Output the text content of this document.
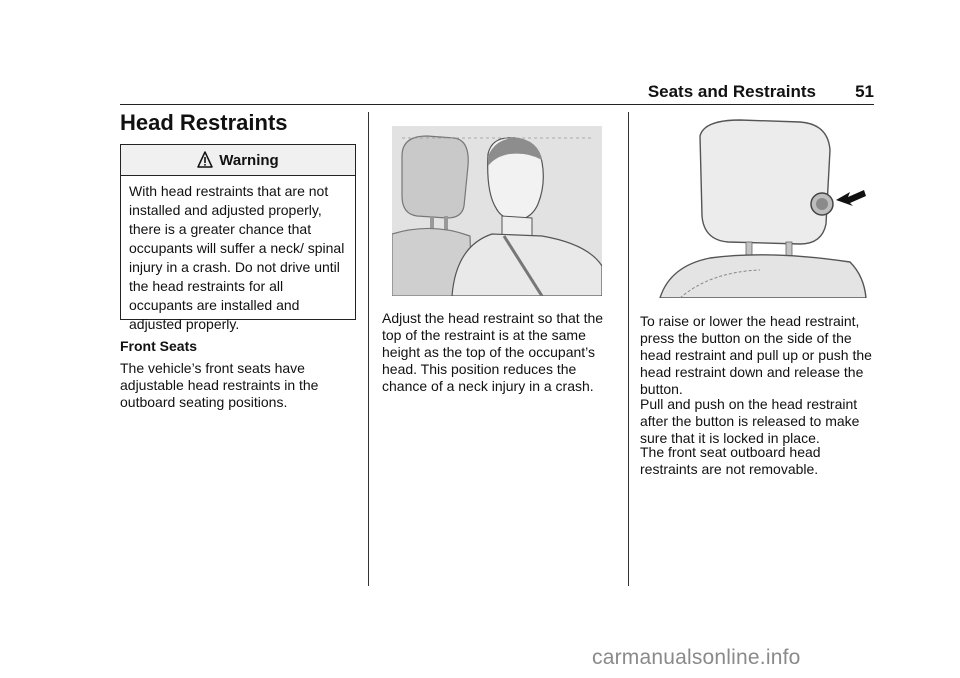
Seats and Restraints 51
Head Restraints
Warning
With head restraints that are not installed and adjusted properly, there is a greater chance that occupants will suffer a neck/ spinal injury in a crash. Do not drive until the head restraints for all occupants are installed and adjusted properly.
Front Seats

The vehicle’s front seats have adjustable head restraints in the outboard seating positions.

Adjust the head restraint so that the top of the restraint is at the same height as the top of the occupant’s head. This position reduces the chance of a neck injury in a crash.

To raise or lower the head restraint, press the button on the side of the head restraint and pull up or push the head restraint down and release the button.

Pull and push on the head restraint after the button is released to make sure that it is locked in place.

The front seat outboard head restraints are not removable.

carmanualsonline.info
